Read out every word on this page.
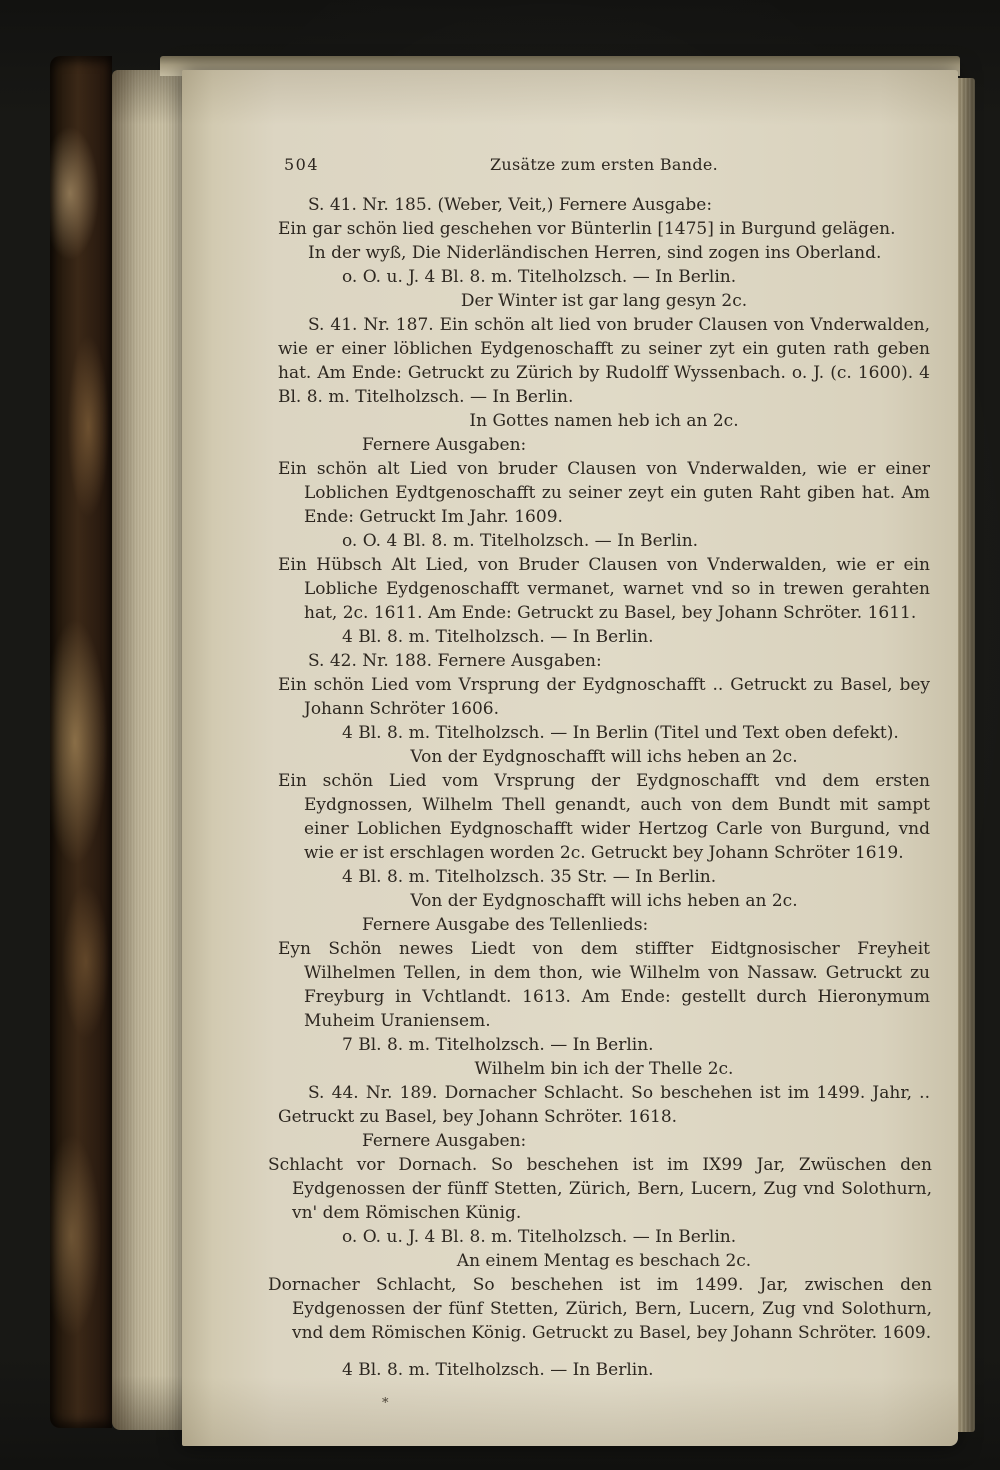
504	Zusätze zum ersten Bande.
S. 41. Nr. 185. (Weber, Veit,) Fernere Ausgabe:
Ein gar schön lied geschehen vor Bünterlin [1475] in Burgund gelägen.
In der wyß, Die Niderländischen Herren, sind zogen ins Oberland.
o. O. u. J. 4 Bl. 8. m. Titelholzsch. — In Berlin.
Der Winter ist gar lang gesyn 2c.
S. 41. Nr. 187. Ein schön alt lied von bruder Clausen von Vnderwalden, wie er einer löblichen Eydgenoschafft zu seiner zyt ein guten rath geben hat. Am Ende: Getruckt zu Zürich by Rudolff Wyssenbach. o. J. (c. 1600). 4 Bl. 8. m. Titelholzsch. — In Berlin.
In Gottes namen heb ich an 2c.
Fernere Ausgaben:
Ein schön alt Lied von bruder Clausen von Vnderwalden, wie er einer Loblichen Eydtgenoschafft zu seiner zeyt ein guten Raht giben hat. Am Ende: Getruckt Im Jahr. 1609.
o. O. 4 Bl. 8. m. Titelholzsch. — In Berlin.
Ein Hübsch Alt Lied, von Bruder Clausen von Vnderwalden, wie er ein Lobliche Eydgenoschafft vermanet, warnet vnd so in trewen gerahten hat, 2c. 1611. Am Ende: Getruckt zu Basel, bey Johann Schröter. 1611.
4 Bl. 8. m. Titelholzsch. — In Berlin.
S. 42. Nr. 188. Fernere Ausgaben:
Ein schön Lied vom Vrsprung der Eydgnoschafft .. Getruckt zu Basel, bey Johann Schröter 1606.
4 Bl. 8. m. Titelholzsch. — In Berlin (Titel und Text oben defekt).
Von der Eydgnoschafft will ichs heben an 2c.
Ein schön Lied vom Vrsprung der Eydgnoschafft vnd dem ersten Eydgnossen, Wilhelm Thell genandt, auch von dem Bundt mit sampt einer Loblichen Eydgnoschafft wider Hertzog Carle von Burgund, vnd wie er ist erschlagen worden 2c. Getruckt bey Johann Schröter 1619.
4 Bl. 8. m. Titelholzsch. 35 Str. — In Berlin.
Von der Eydgnoschafft will ichs heben an 2c.
Fernere Ausgabe des Tellenlieds:
Eyn Schön newes Liedt von dem stiffter Eidtgnosischer Freyheit Wilhelmen Tellen, in dem thon, wie Wilhelm von Nassaw. Getruckt zu Freyburg in Vchtlandt. 1613. Am Ende: gestellt durch Hieronymum Muheim Uraniensem.
7 Bl. 8. m. Titelholzsch. — In Berlin.
Wilhelm bin ich der Thelle 2c.
S. 44. Nr. 189. Dornacher Schlacht. So beschehen ist im 1499. Jahr, .. Getruckt zu Basel, bey Johann Schröter. 1618.
Fernere Ausgaben:
Schlacht vor Dornach. So beschehen ist im IX99 Jar, Zwüschen den Eydgenossen der fünff Stetten, Zürich, Bern, Lucern, Zug vnd Solothurn, vn' dem Römischen Künig.
o. O. u. J. 4 Bl. 8. m. Titelholzsch. — In Berlin.
An einem Mentag es beschach 2c.
Dornacher Schlacht, So beschehen ist im 1499. Jar, zwischen den Eydgenossen der fünf Stetten, Zürich, Bern, Lucern, Zug vnd Solothurn, vnd dem Römischen König. Getruckt zu Basel, bey Johann Schröter. 1609.
4 Bl. 8. m. Titelholzsch. — In Berlin.
*
